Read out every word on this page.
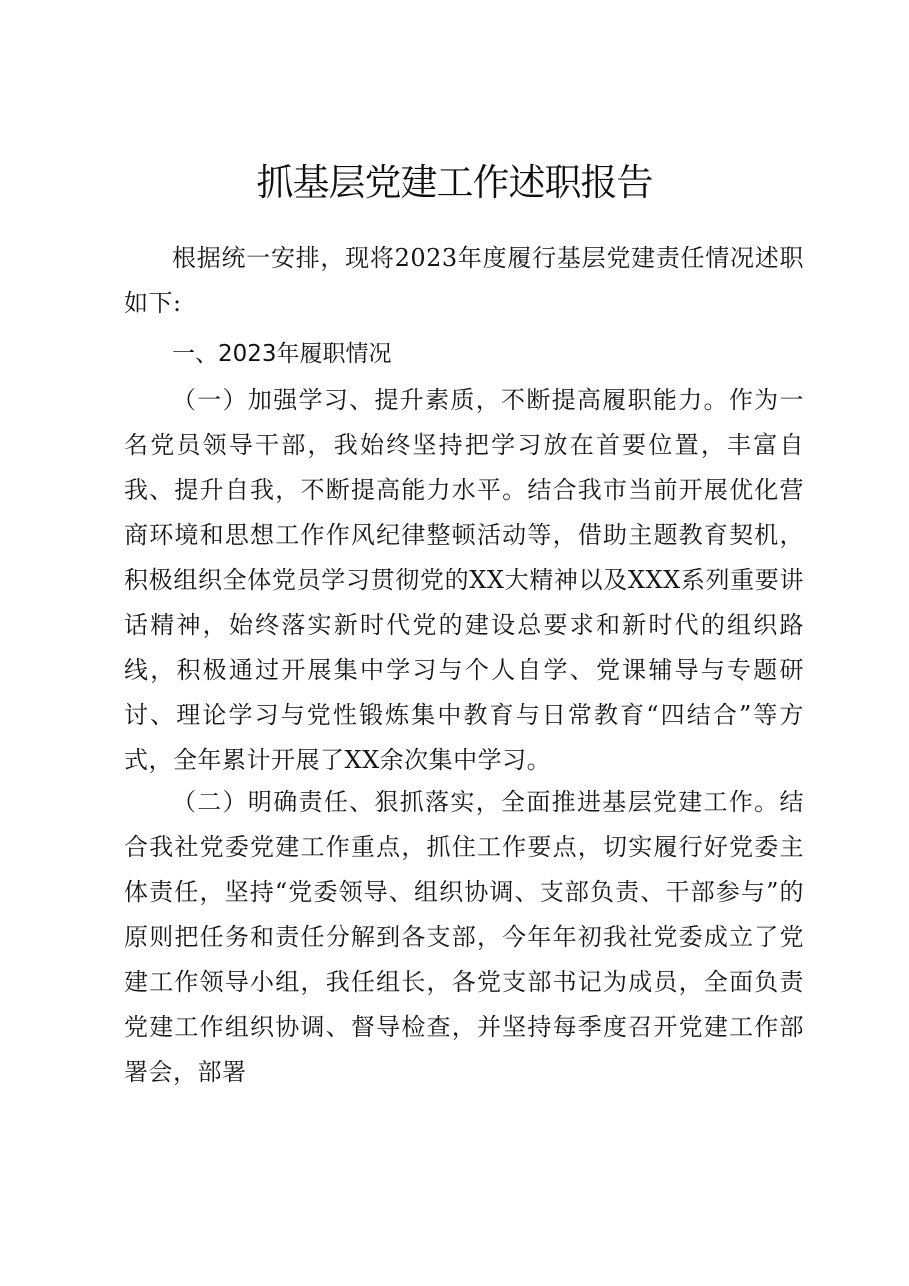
抓基层党建工作述职报告
根据统一安排，现将2023年度履行基层党建责任情况述职如下:
一、2023年履职情况
（一）加强学习、提升素质，不断提高履职能力。作为一名党员领导干部，我始终坚持把学习放在首要位置，丰富自我、提升自我，不断提高能力水平。结合我市当前开展优化营商环境和思想工作作风纪律整顿活动等，借助主题教育契机，积极组织全体党员学习贯彻党的XX大精神以及XXX系列重要讲话精神，始终落实新时代党的建设总要求和新时代的组织路线，积极通过开展集中学习与个人自学、党课辅导与专题研讨、理论学习与党性锻炼集中教育与日常教育“四结合”等方式，全年累计开展了XX余次集中学习。
（二）明确责任、狠抓落实，全面推进基层党建工作。结合我社党委党建工作重点，抓住工作要点，切实履行好党委主体责任，坚持“党委领导、组织协调、支部负责、干部参与”的原则把任务和责任分解到各支部，今年年初我社党委成立了党建工作领导小组，我任组长，各党支部书记为成员，全面负责党建工作组织协调、督导检查，并坚持每季度召开党建工作部署会，部署
